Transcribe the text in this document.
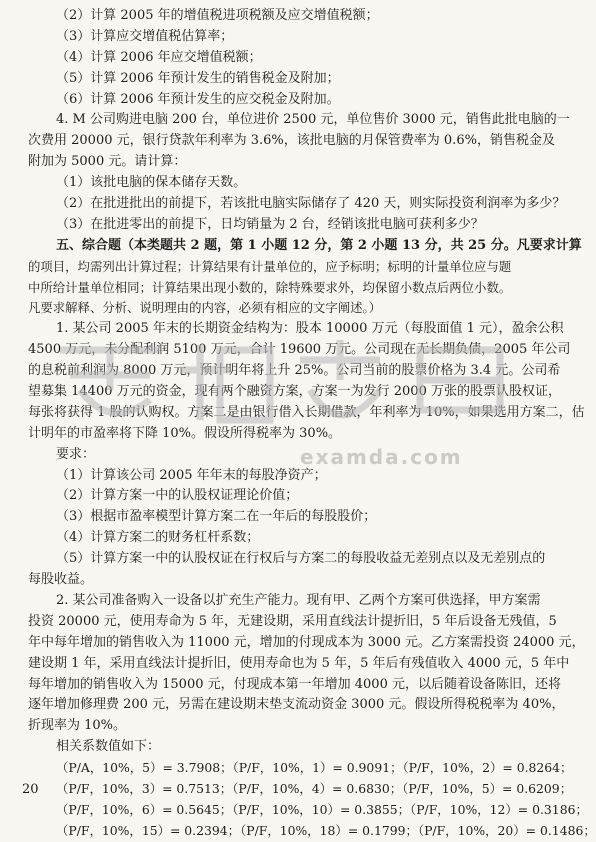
（2）计算 2005 年的增值税进项税额及应交增值税额；
（3）计算应交增值税估算率；
（4）计算 2006 年应交增值税额；
（5）计算 2006 年预计发生的销售税金及附加；
（6）计算 2006 年预计发生的应交税金及附加。
4. M 公司购进电脑 200 台，单位进价 2500 元，单位售价 3000 元，销售此批电脑的一
次费用 20000 元，银行贷款年利率为 3.6%，该批电脑的月保管费率为 0.6%，销售税金及
附加为 5000 元。请计算：
（1）该批电脑的保本储存天数。
（2）在批进批出的前提下，若该批电脑实际储存了 420 天，则实际投资利润率为多少？
（3）在批进零出的前提下，日均销量为 2 台，经销该批电脑可获利多少？
五、综合题（本类题共 2 题，第 1 小题 12 分，第 2 小题 13 分，共 25 分。凡要求计算
的项目，均需列出计算过程；计算结果有计量单位的，应予标明；标明的计量单位应与题
中所给计量单位相同；计算结果出现小数的，除特殊要求外，均保留小数点后两位小数。
凡要求解释、分析、说明理由的内容，必须有相应的文字阐述。）
1. 某公司 2005 年末的长期资金结构为：股本 10000 万元（每股面值 1 元），盈余公积
4500 万元，未分配利润 5100 万元，合计 19600 万元。公司现在无长期负债，2005 年公司
的息税前利润为 8000 万元，预计明年将上升 25%。公司当前的股票价格为 3.4 元。公司希
望募集 14400 万元的资金，现有两个融资方案，方案一为发行 2000 万张的股票认股权证，
每张将获得 1 股的认购权。方案二是由银行借入长期借款，年利率为 10%，如果选用方案二，估
计明年的市盈率将下降 10%。假设所得税率为 30%。
要求：
（1）计算该公司 2005 年年末的每股净资产；
（2）计算方案一中的认股权证理论价值；
（3）根据市盈率模型计算方案二在一年后的每股股价；
（4）计算方案二的财务杠杆系数；
（5）计算方案一中的认股权证在行权后与方案二的每股收益无差别点以及无差别点的
每股收益。
2. 某公司准备购入一设备以扩充生产能力。现有甲、乙两个方案可供选择，甲方案需
投资 20000 元，使用寿命为 5 年，无建设期，采用直线法计提折旧，5 年后设备无残值，5
年中每年增加的销售收入为 11000 元，增加的付现成本为 3000 元。乙方案需投资 24000 元，
建设期 1 年，采用直线法计提折旧，使用寿命也为 5 年，5 年后有残值收入 4000 元，5 年中
每年增加的销售收入为 15000 元，付现成本第一年增加 4000 元，以后随着设备陈旧，还将
逐年增加修理费 200 元，另需在建设期末垫支流动资金 3000 元。假设所得税税率为 40%，
折现率为 10%。
相关系数值如下：
（P/A，10%，5）= 3.7908；（P/F，10%，1）= 0.9091；（P/F，10%，2）= 0.8264；
（P/F，10%，3）= 0.7513；（P/F，10%，4）= 0.6830；（P/F，10%，5）= 0.6209；
（P/F，10%，6）= 0.5645；（P/F，10%，10）= 0.3855；（P/F，10%，12）= 0.3186；
（P/F，10%，15）= 0.2394；（P/F，10%，18）= 0.1799；（P/F，10%，20）= 0.1486；
examda.com
20
